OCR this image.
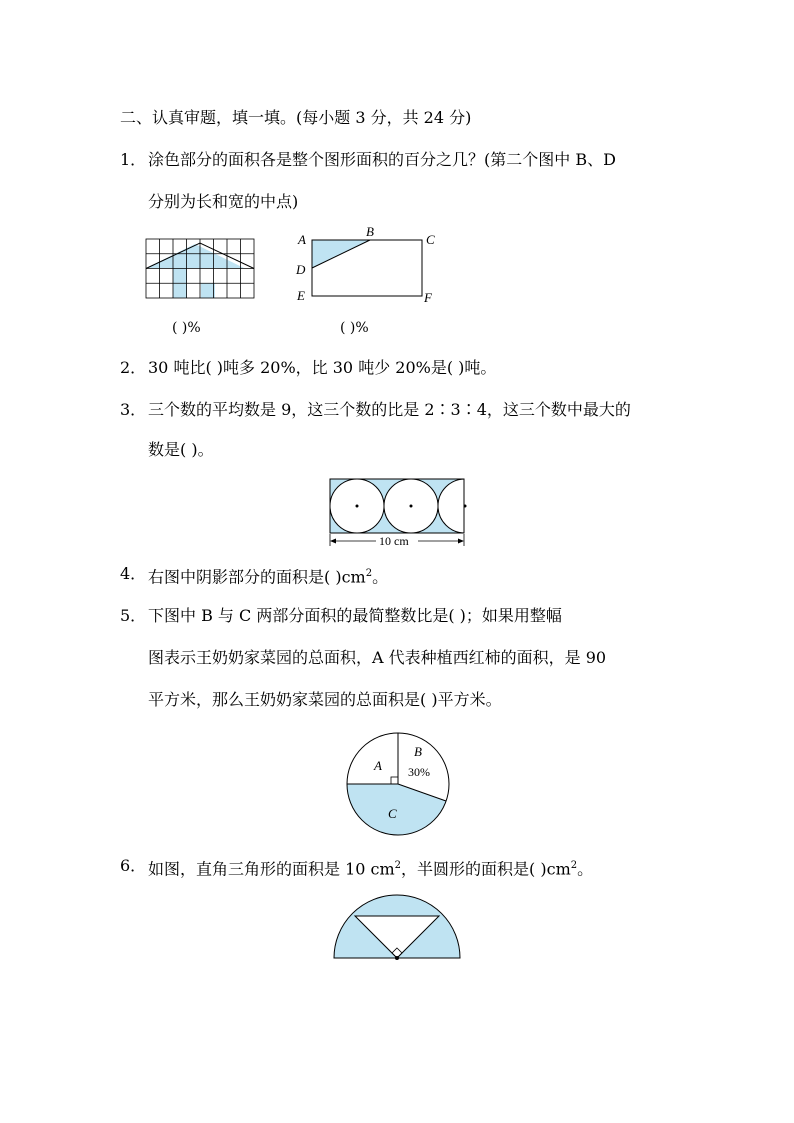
二、认真审题，填一填。(每小题 3 分，共 24 分)
1． 涂色部分的面积各是整个图形面积的百分之几？(第二个图中 B、D
分别为长和宽的中点)
( )%
A
B
C
D
E	F
( )%
2． 30 吨比( )吨多 20%，比 30 吨少 20%是( )吨。
3． 三个数的平均数是 9，这三个数的比是 2∶3∶4，这三个数中最大的
数是( )。
10 cm
4． 右图中阴影部分的面积是( )$cm^2$。
5． 下图中 B 与 C 两部分面积的最简整数比是( )；如果用整幅
图表示王奶奶家菜园的总面积，A 代表种植西红柿的面积，是 90
平方米，那么王奶奶家菜园的总面积是( )平方米。
A
B
30%
C
6． 如图，直角三角形的面积是 10 $cm^2$，半圆形的面积是( )$cm^2$。
